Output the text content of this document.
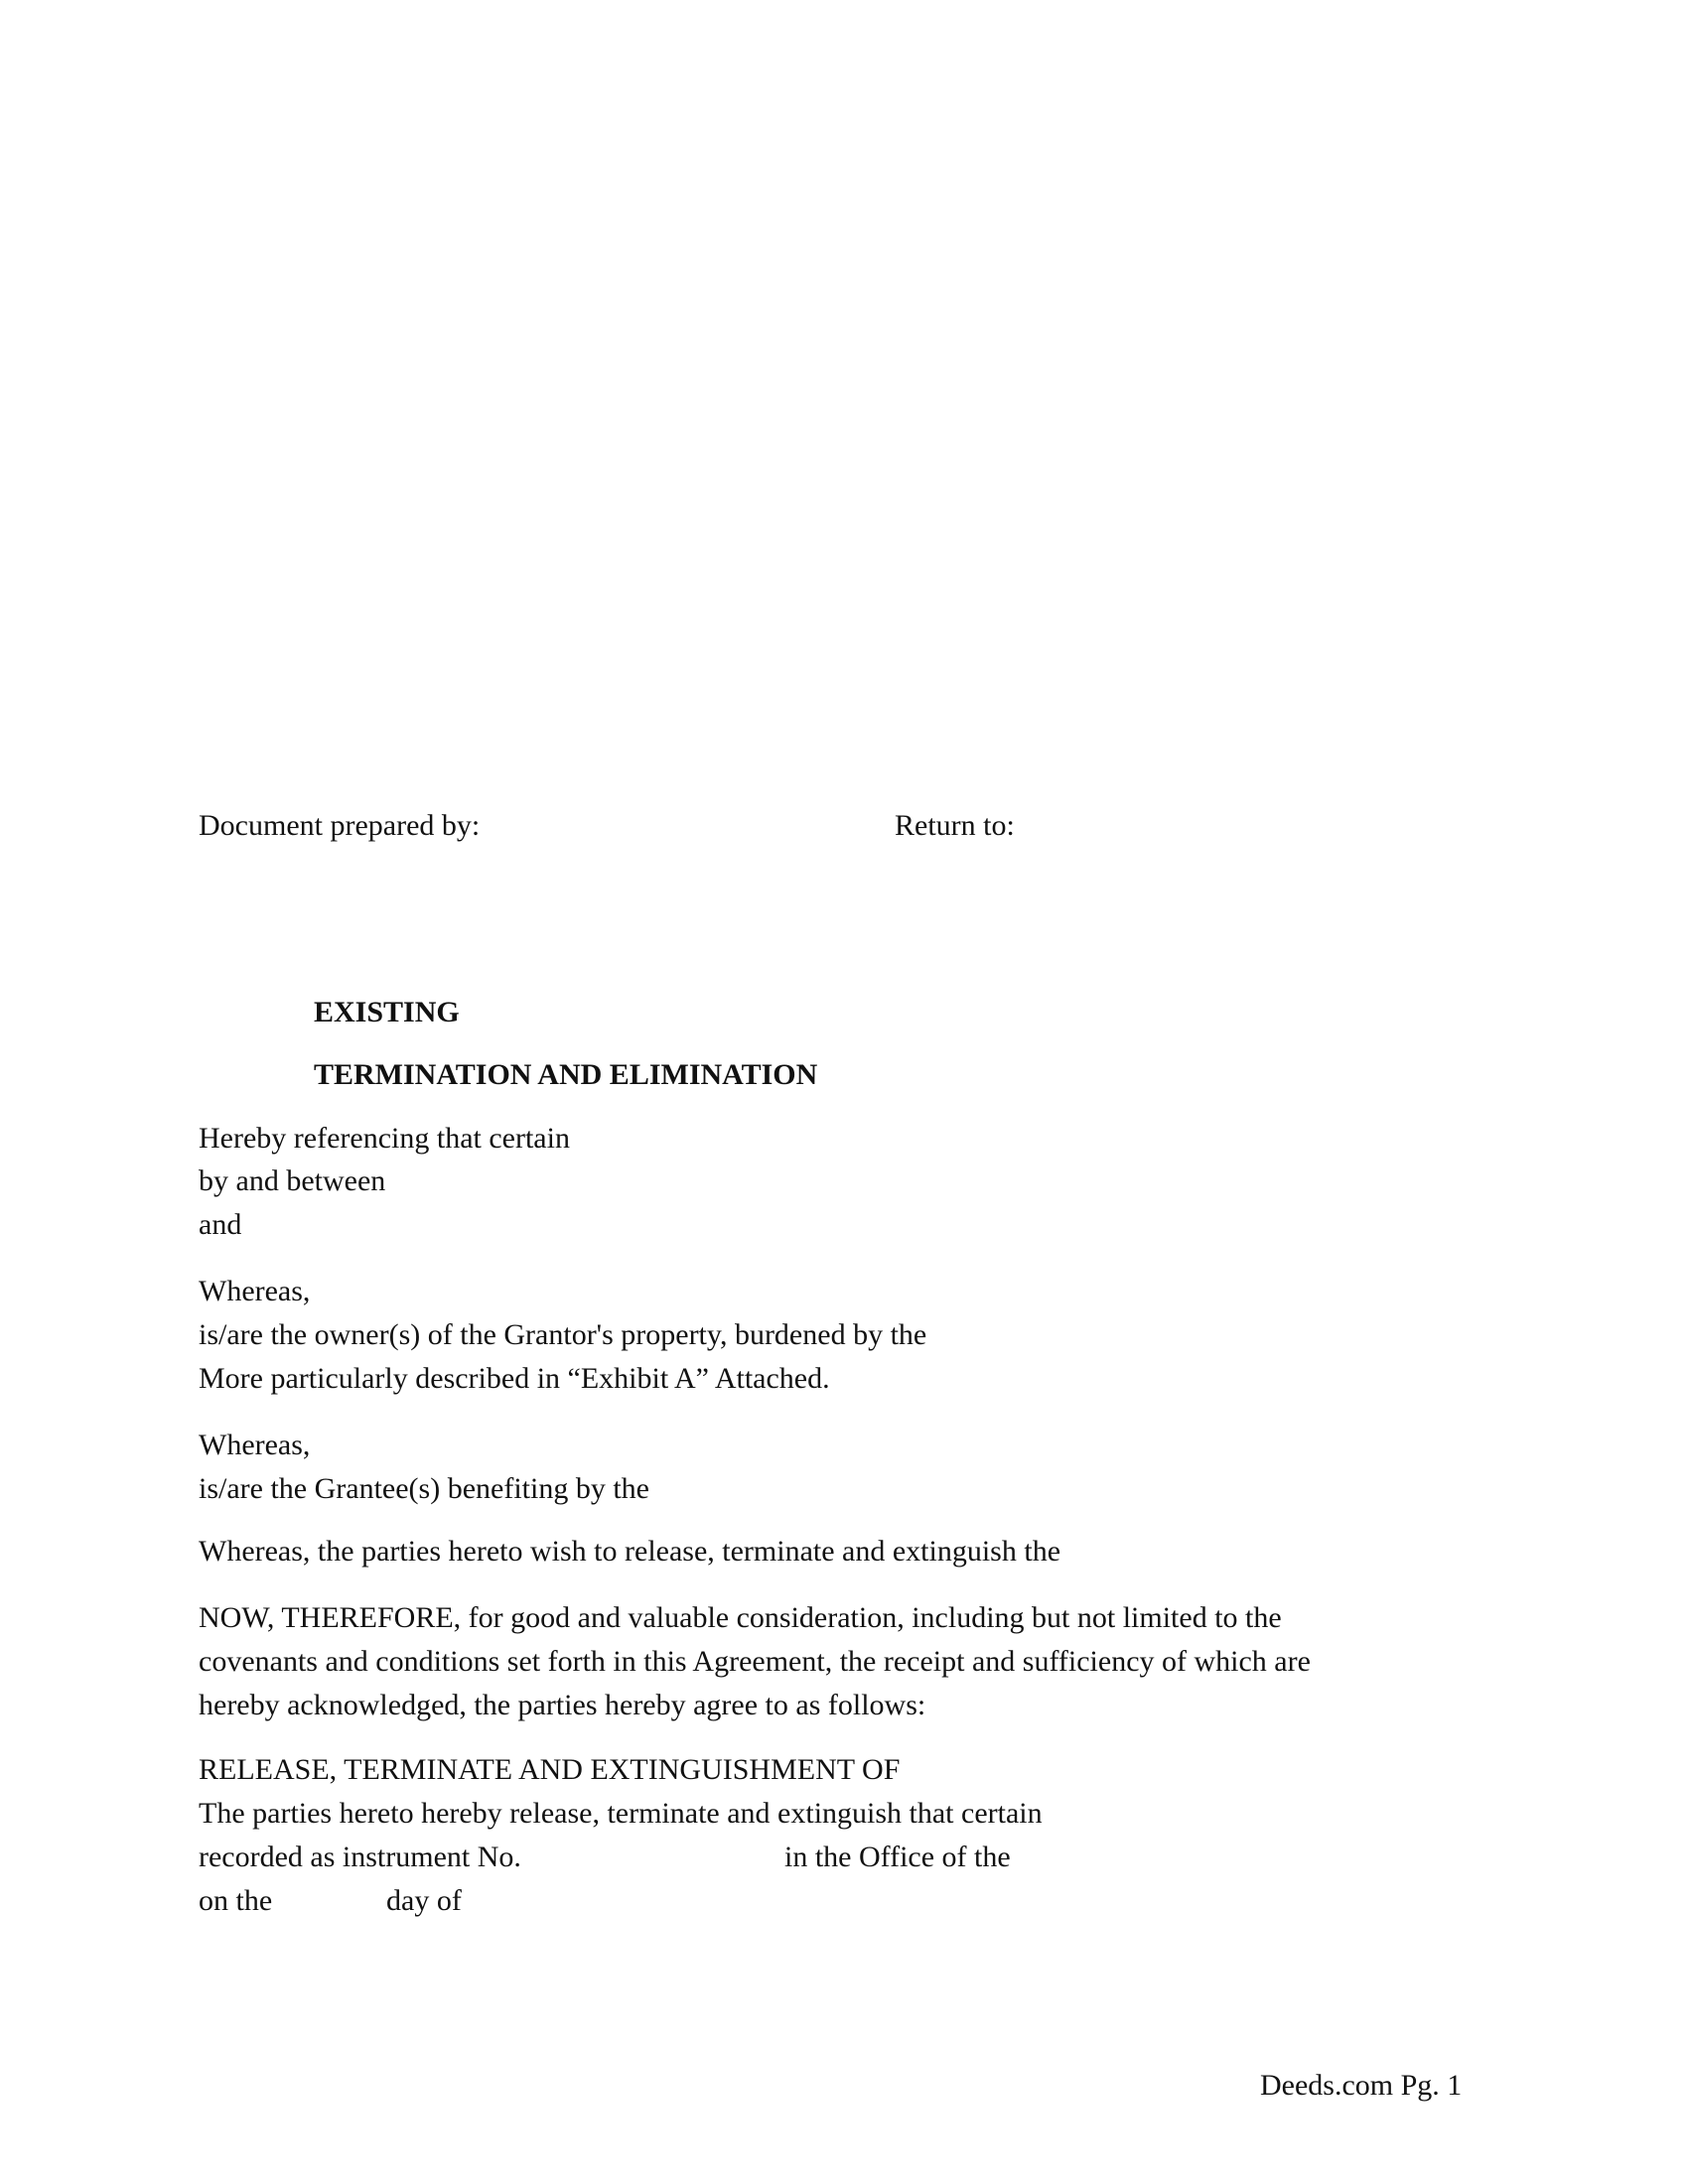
Document prepared by:	Return to:
EXISTING
TERMINATION AND ELIMINATION
Hereby referencing that certain
by and between
and
Whereas,
is/are the owner(s) of the Grantor's property, burdened by the
More particularly described in “Exhibit A” Attached.
Whereas,
is/are the Grantee(s) benefiting by the
Whereas, the parties hereto wish to release, terminate and extinguish the
NOW, THEREFORE, for good and valuable consideration, including but not limited to the
covenants and conditions set forth in this Agreement, the receipt and sufficiency of which are
hereby acknowledged, the parties hereby agree to as follows:
RELEASE, TERMINATE AND EXTINGUISHMENT OF
The parties hereto hereby release, terminate and extinguish that certain
recorded as instrument No.	in the Office of the
on the	day of
Deeds.com Pg. 1
